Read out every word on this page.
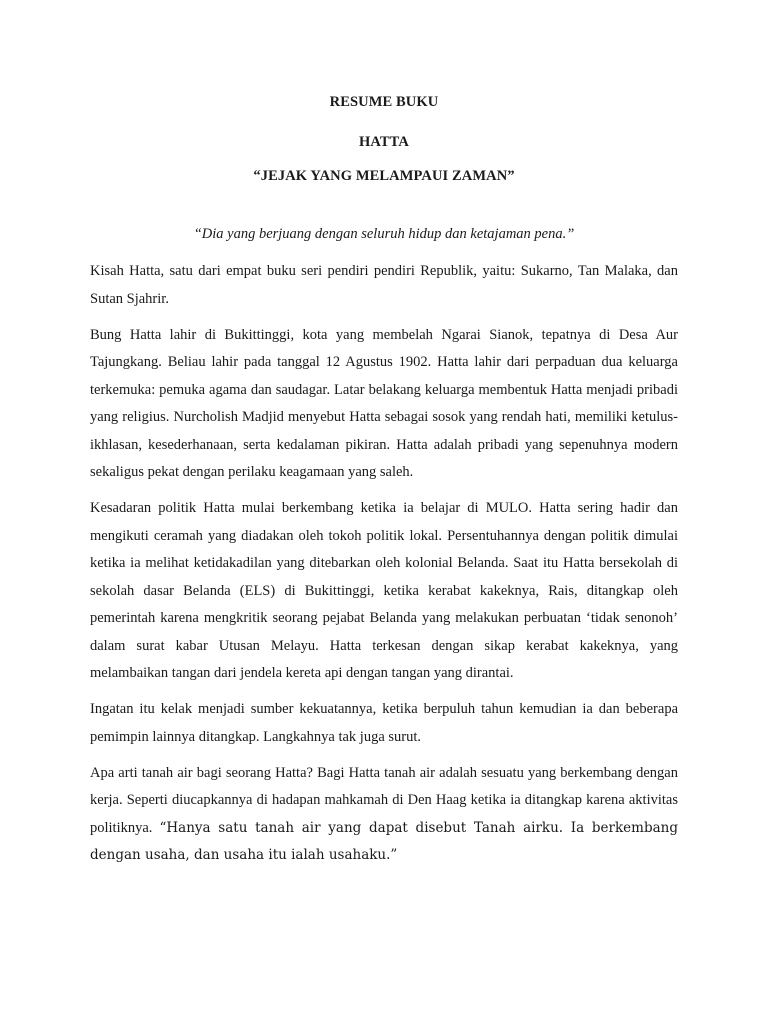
RESUME BUKU
HATTA
“JEJAK YANG MELAMPAUI ZAMAN”
“Dia yang berjuang dengan seluruh hidup dan ketajaman pena.”

Kisah Hatta, satu dari empat buku seri pendiri pendiri Republik, yaitu: Sukarno, Tan Malaka, dan Sutan Sjahrir.

Bung Hatta lahir di Bukittinggi, kota yang membelah Ngarai Sianok, tepatnya di Desa Aur Tajungkang. Beliau lahir pada tanggal 12 Agustus 1902. Hatta lahir dari perpaduan dua keluarga terkemuka: pemuka agama dan saudagar. Latar belakang keluarga membentuk Hatta menjadi pribadi yang religius. Nurcholish Madjid menyebut Hatta sebagai sosok yang rendah hati, memiliki ketulus-ikhlasan, kesederhanaan, serta kedalaman pikiran. Hatta adalah pribadi yang sepenuhnya modern sekaligus pekat dengan perilaku keagamaan yang saleh.

Kesadaran politik Hatta mulai berkembang ketika ia belajar di MULO. Hatta sering hadir dan mengikuti ceramah yang diadakan oleh tokoh politik lokal. Persentuhannya dengan politik dimulai ketika ia melihat ketidakadilan yang ditebarkan oleh kolonial Belanda. Saat itu Hatta bersekolah di sekolah dasar Belanda (ELS) di Bukittinggi, ketika kerabat kakeknya, Rais, ditangkap oleh pemerintah karena mengkritik seorang pejabat Belanda yang melakukan perbuatan ‘tidak senonoh’ dalam surat kabar Utusan Melayu. Hatta terkesan dengan sikap kerabat kakeknya, yang melambaikan tangan dari jendela kereta api dengan tangan yang dirantai.

Ingatan itu kelak menjadi sumber kekuatannya, ketika berpuluh tahun kemudian ia dan beberapa pemimpin lainnya ditangkap. Langkahnya tak juga surut.

Apa arti tanah air bagi seorang Hatta? Bagi Hatta tanah air adalah sesuatu yang berkembang dengan kerja. Seperti diucapkannya di hadapan mahkamah di Den Haag ketika ia ditangkap karena aktivitas politiknya. “Hanya satu tanah air yang dapat disebut Tanah airku. Ia berkembang dengan usaha, dan usaha itu ialah usahaku.”
